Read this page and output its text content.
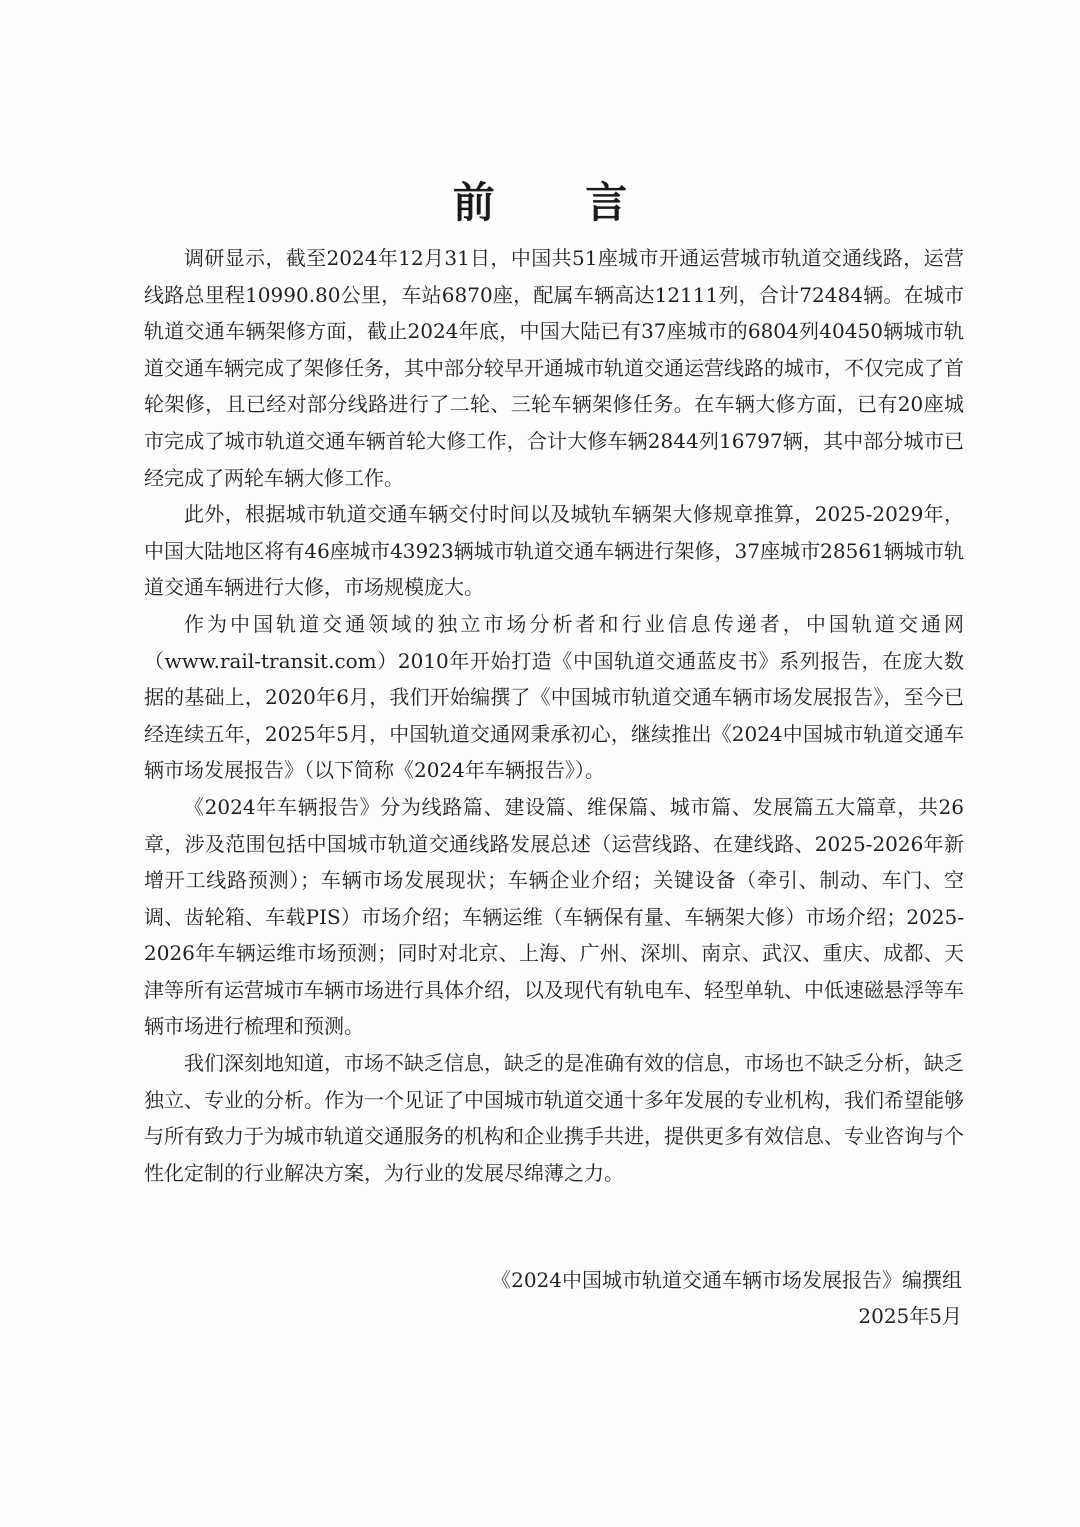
前 言

调研显示，截至2024年12月31日，中国共51座城市开通运营城市轨道交通线路，运营线路总里程10990.80公里，车站6870座，配属车辆高达12111列，合计72484辆。在城市轨道交通车辆架修方面，截止2024年底，中国大陆已有37座城市的6804列40450辆城市轨道交通车辆完成了架修任务，其中部分较早开通城市轨道交通运营线路的城市，不仅完成了首轮架修，且已经对部分线路进行了二轮、三轮车辆架修任务。在车辆大修方面，已有20座城市完成了城市轨道交通车辆首轮大修工作，合计大修车辆2844列16797辆，其中部分城市已经完成了两轮车辆大修工作。

此外，根据城市轨道交通车辆交付时间以及城轨车辆架大修规章推算，2025-2029年，中国大陆地区将有46座城市43923辆城市轨道交通车辆进行架修，37座城市28561辆城市轨道交通车辆进行大修，市场规模庞大。

作为中国轨道交通领域的独立市场分析者和行业信息传递者，中国轨道交通网（www.rail-transit.com）2010年开始打造《中国轨道交通蓝皮书》系列报告，在庞大数据的基础上，2020年6月，我们开始编撰了《中国城市轨道交通车辆市场发展报告》，至今已经连续五年，2025年5月，中国轨道交通网秉承初心，继续推出《2024中国城市轨道交通车辆市场发展报告》（以下简称《2024年车辆报告》）。

《2024年车辆报告》分为线路篇、建设篇、维保篇、城市篇、发展篇五大篇章，共26章，涉及范围包括中国城市轨道交通线路发展总述（运营线路、在建线路、2025-2026年新增开工线路预测）；车辆市场发展现状；车辆企业介绍；关键设备（牵引、制动、车门、空调、齿轮箱、车载PIS）市场介绍；车辆运维（车辆保有量、车辆架大修）市场介绍；2025-2026年车辆运维市场预测；同时对北京、上海、广州、深圳、南京、武汉、重庆、成都、天津等所有运营城市车辆市场进行具体介绍，以及现代有轨电车、轻型单轨、中低速磁悬浮等车辆市场进行梳理和预测。

我们深刻地知道，市场不缺乏信息，缺乏的是准确有效的信息，市场也不缺乏分析，缺乏独立、专业的分析。作为一个见证了中国城市轨道交通十多年发展的专业机构，我们希望能够与所有致力于为城市轨道交通服务的机构和企业携手共进，提供更多有效信息、专业咨询与个性化定制的行业解决方案，为行业的发展尽绵薄之力。

《2024中国城市轨道交通车辆市场发展报告》编撰组
2025年5月
